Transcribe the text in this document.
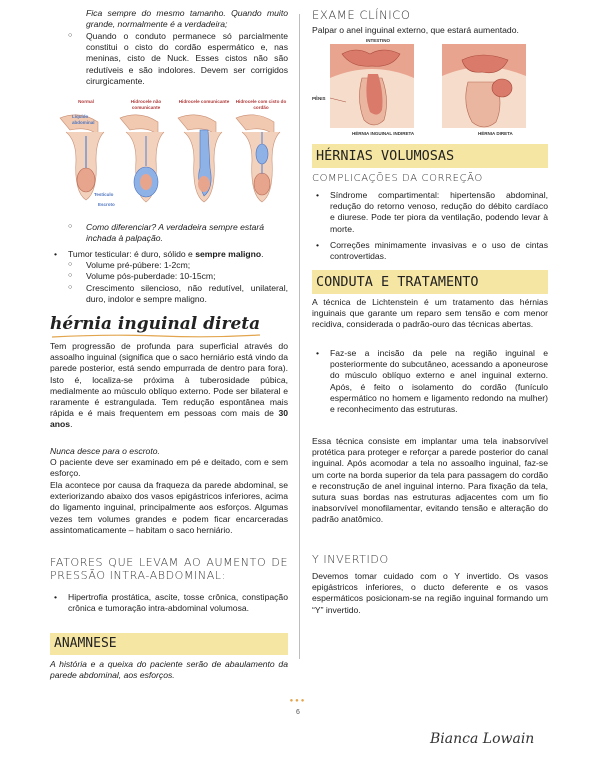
Fica sempre do mesmo tamanho. Quando muito grande, normalmente é a verdadeira;

○ Quando o conduto permanece só parcialmente constitui o cisto do cordão espermático e, nas meninas, cisto de Nuck. Esses cistos não são redutíveis e são indolores. Devem ser corrigidos cirurgicamente.
Normal	Hidrocele não comunicante
Hidrocele comunicante	Hidrocele com cisto do cordão
Líquido abdominal
Testículo
Escroto
○ Como diferenciar? A verdadeira sempre estará inchada à palpação.
• Tumor testicular: é duro, sólido e sempre maligno.
○ Volume pré-púbere: 1-2cm;
○ Volume pós-puberdade: 10-15cm;
○ Crescimento silencioso, não redutível, unilateral, duro, indolor e sempre maligno.
hérnia inguinal direta

Tem progressão de profunda para superficial através do assoalho inguinal (significa que o saco herniário está vindo da parede posterior, está sendo empurrada de dentro para fora). Isto é, localiza-se próxima à tuberosidade púbica, medialmente ao músculo oblíquo externo. Pode ser bilateral e raramente é estrangulada. Tem redução espontânea mais rápida e é mais frequentem em pessoas com mais de 30 anos.

Nunca desce para o escroto.

O paciente deve ser examinado em pé e deitado, com e sem esforço.

Ela acontece por causa da fraqueza da parede abdominal, se exteriorizando abaixo dos vasos epigástricos inferiores, acima do ligamento inguinal, principalmente aos esforços. Algumas vezes tem volumes grandes e podem ficar encarceradas assintomaticamente – habitam o saco herniário.

FATORES QUE LEVAM AO AUMENTO DE PRESSÃO INTRA-ABDOMINAL:

• Hipertrofia prostática, ascite, tosse crônica, constipação crônica e tumoração intra-abdominal volumosa.
ANAMNESE

A história e a queixa do paciente serão de abaulamento da parede abdominal, aos esforços.

EXAME CLÍNICO

Palpar o anel inguinal externo, que estará aumentado.

INTESTINO
PÊNIS
HÉRNIA INGUINAL INDIRETA	HÉRNIA DIRETA
HÉRNIAS VOLUMOSAS

COMPLICAÇÕES DA CORREÇÃO

• Síndrome compartimental: hipertensão abdominal, redução do retorno venoso, redução do débito cardíaco e diurese. Pode ter piora da ventilação, podendo levar à morte.
• Correções minimamente invasivas e o uso de cintas controvertidas.
CONDUTA E TRATAMENTO

A técnica de Lichtenstein é um tratamento das hérnias inguinais que garante um reparo sem tensão e com menor recidiva, considerada o padrão-ouro das técnicas abertas.

• Faz-se a incisão da pele na região inguinal e posteriormente do subcutâneo, acessando a aponeurose do músculo oblíquo externo e anel inguinal externo. Após, é feito o isolamento do cordão (funículo espermático no homem e ligamento redondo na mulher) e reconhecimento das estruturas.

Essa técnica consiste em implantar uma tela inabsorvível protética para proteger e reforçar a parede posterior do canal inguinal. Após acomodar a tela no assoalho inguinal, faz-se um corte na borda superior da tela para passagem do cordão e reconstrução de anel inguinal interno. Para fixação da tela, sutura suas bordas nas estruturas adjacentes com um fio inabsorvível monofilamentar, evitando tensão e alteração do padrão anatômico.

Y INVERTIDO

Devemos tomar cuidado com o Y invertido. Os vasos epigástricos inferiores, o ducto deferente e os vasos espermáticos posicionam-se na região inguinal formando um “Y” invertido.

●●●
6
Bianca Lowain
